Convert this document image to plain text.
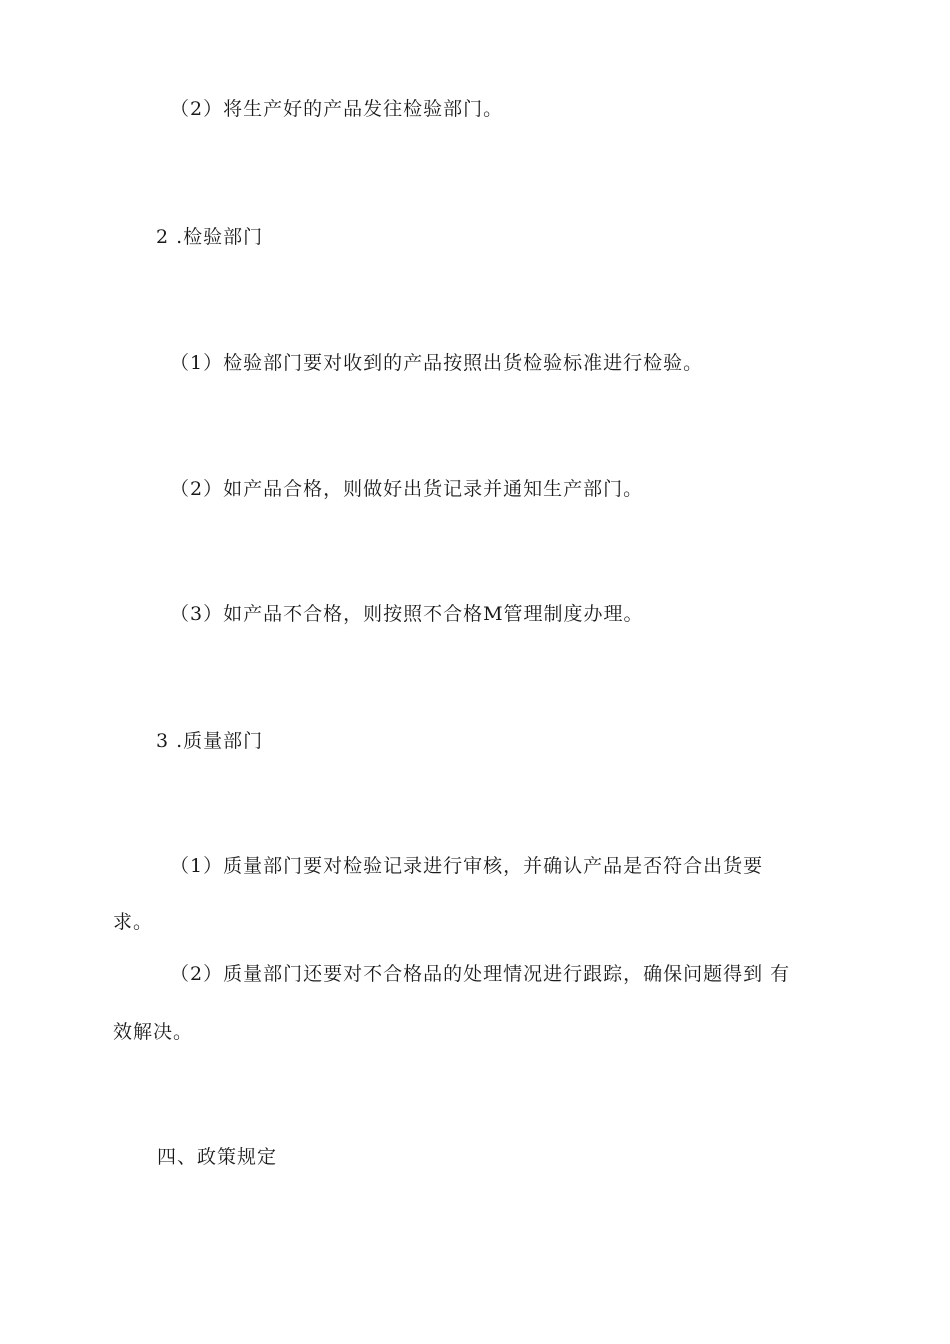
（2）将生产好的产品发往检验部门。
2 .检验部门
（1）检验部门要对收到的产品按照出货检验标准进行检验。
（2）如产品合格，则做好出货记录并通知生产部门。
（3）如产品不合格，则按照不合格M管理制度办理。
3 .质量部门
（1）质量部门要对检验记录进行审核，并确认产品是否符合出货要
求。
（2）质量部门还要对不合格品的处理情况进行跟踪，确保问题得到 有
效解决。
四、政策规定
